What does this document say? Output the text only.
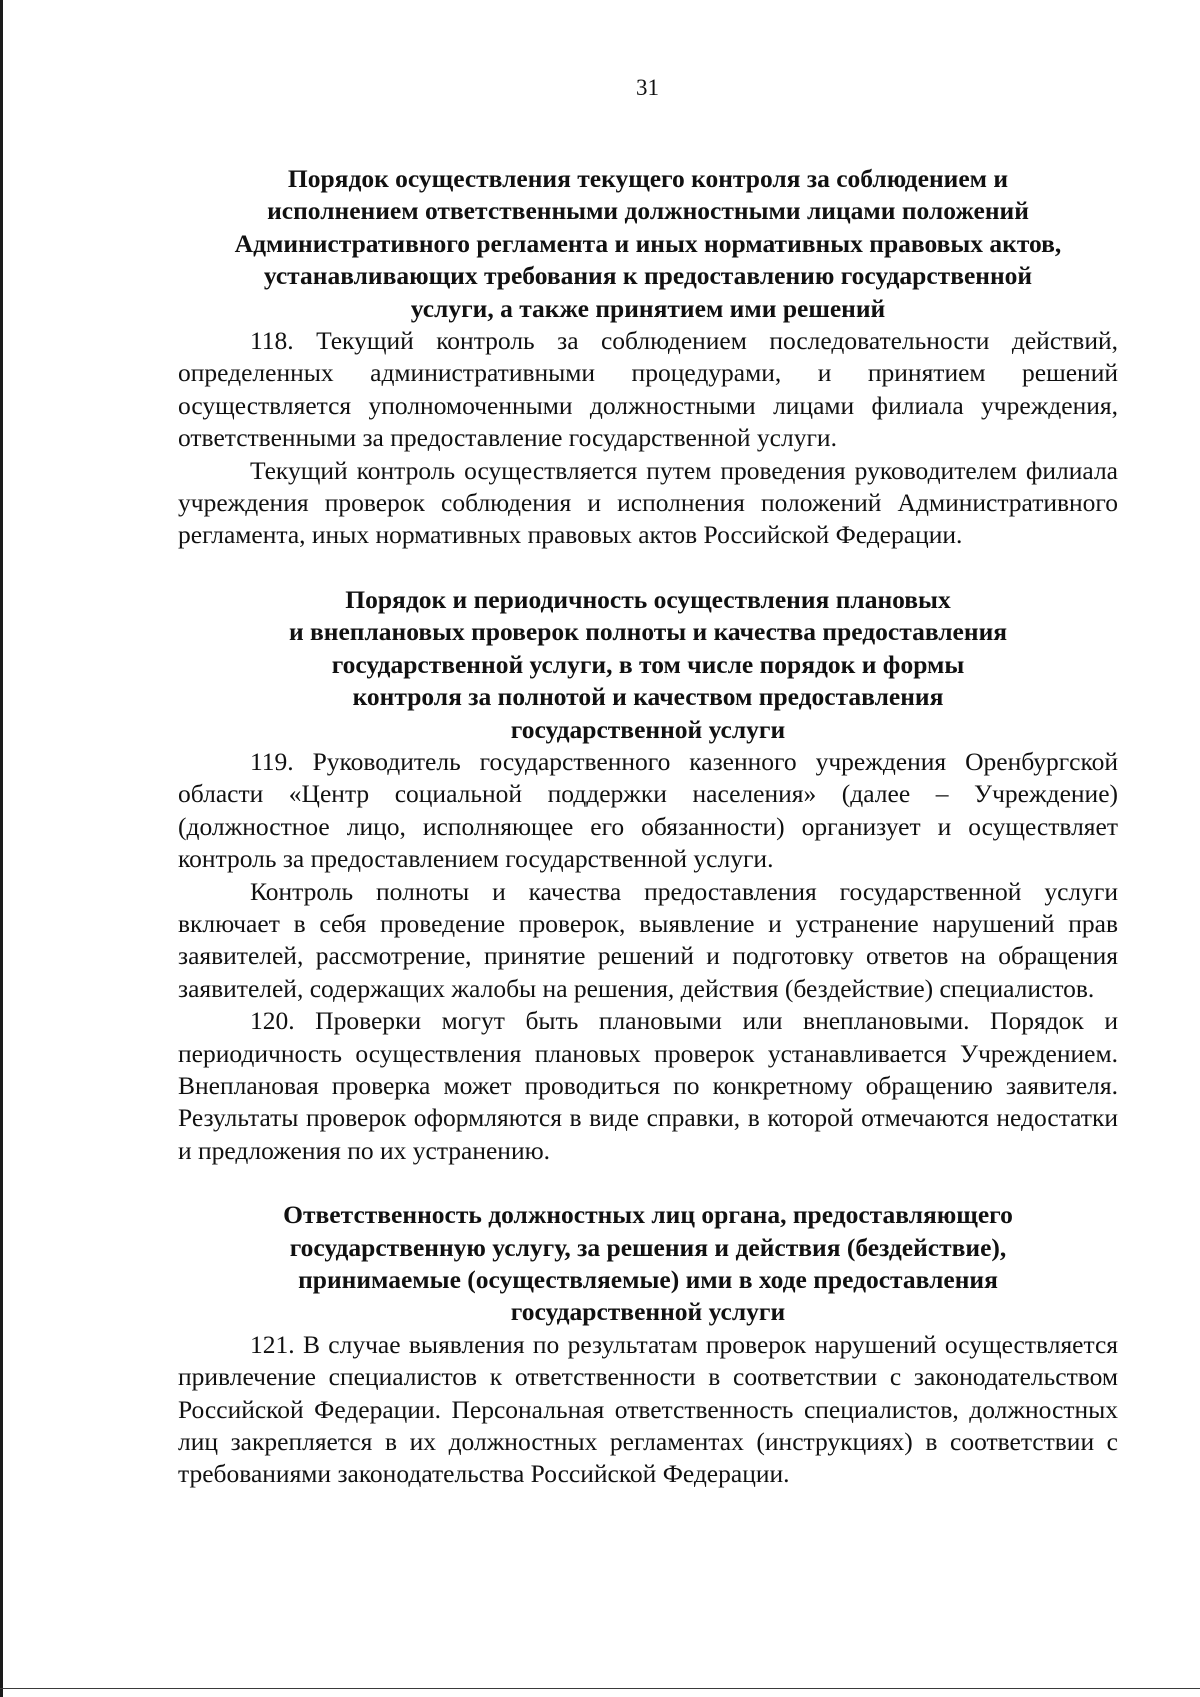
31
Порядок осуществления текущего контроля за соблюдением и
исполнением ответственными должностными лицами положений
Административного регламента и иных нормативных правовых актов,
устанавливающих требования к предоставлению государственной
услуги, а также принятием ими решений

118. Текущий контроль за соблюдением последовательности действий, определенных административными процедурами, и принятием решений осуществляется уполномоченными должностными лицами филиала учреждения, ответственными за предоставление государственной услуги.

Текущий контроль осуществляется путем проведения руководителем филиала учреждения проверок соблюдения и исполнения положений Административного регламента, иных нормативных правовых актов Российской Федерации.

Порядок и периодичность осуществления плановых
и внеплановых проверок полноты и качества предоставления
государственной услуги, в том числе порядок и формы
контроля за полнотой и качеством предоставления
государственной услуги

119. Руководитель государственного казенного учреждения Оренбургской области «Центр социальной поддержки населения» (далее – Учреждение) (должностное лицо, исполняющее его обязанности) организует и осуществляет контроль за предоставлением государственной услуги.

Контроль полноты и качества предоставления государственной услуги включает в себя проведение проверок, выявление и устранение нарушений прав заявителей, рассмотрение, принятие решений и подготовку ответов на обращения заявителей, содержащих жалобы на решения, действия (бездействие) специалистов.

120. Проверки могут быть плановыми или внеплановыми. Порядок и периодичность осуществления плановых проверок устанавливается Учреждением. Внеплановая проверка может проводиться по конкретному обращению заявителя. Результаты проверок оформляются в виде справки, в которой отмечаются недостатки и предложения по их устранению.

Ответственность должностных лиц органа, предоставляющего
государственную услугу, за решения и действия (бездействие),
принимаемые (осуществляемые) ими в ходе предоставления
государственной услуги

121. В случае выявления по результатам проверок нарушений осуществляется привлечение специалистов к ответственности в соответствии с законодательством Российской Федерации. Персональная ответственность специалистов, должностных лиц закрепляется в их должностных регламентах (инструкциях) в соответствии с требованиями законодательства Российской Федерации.
